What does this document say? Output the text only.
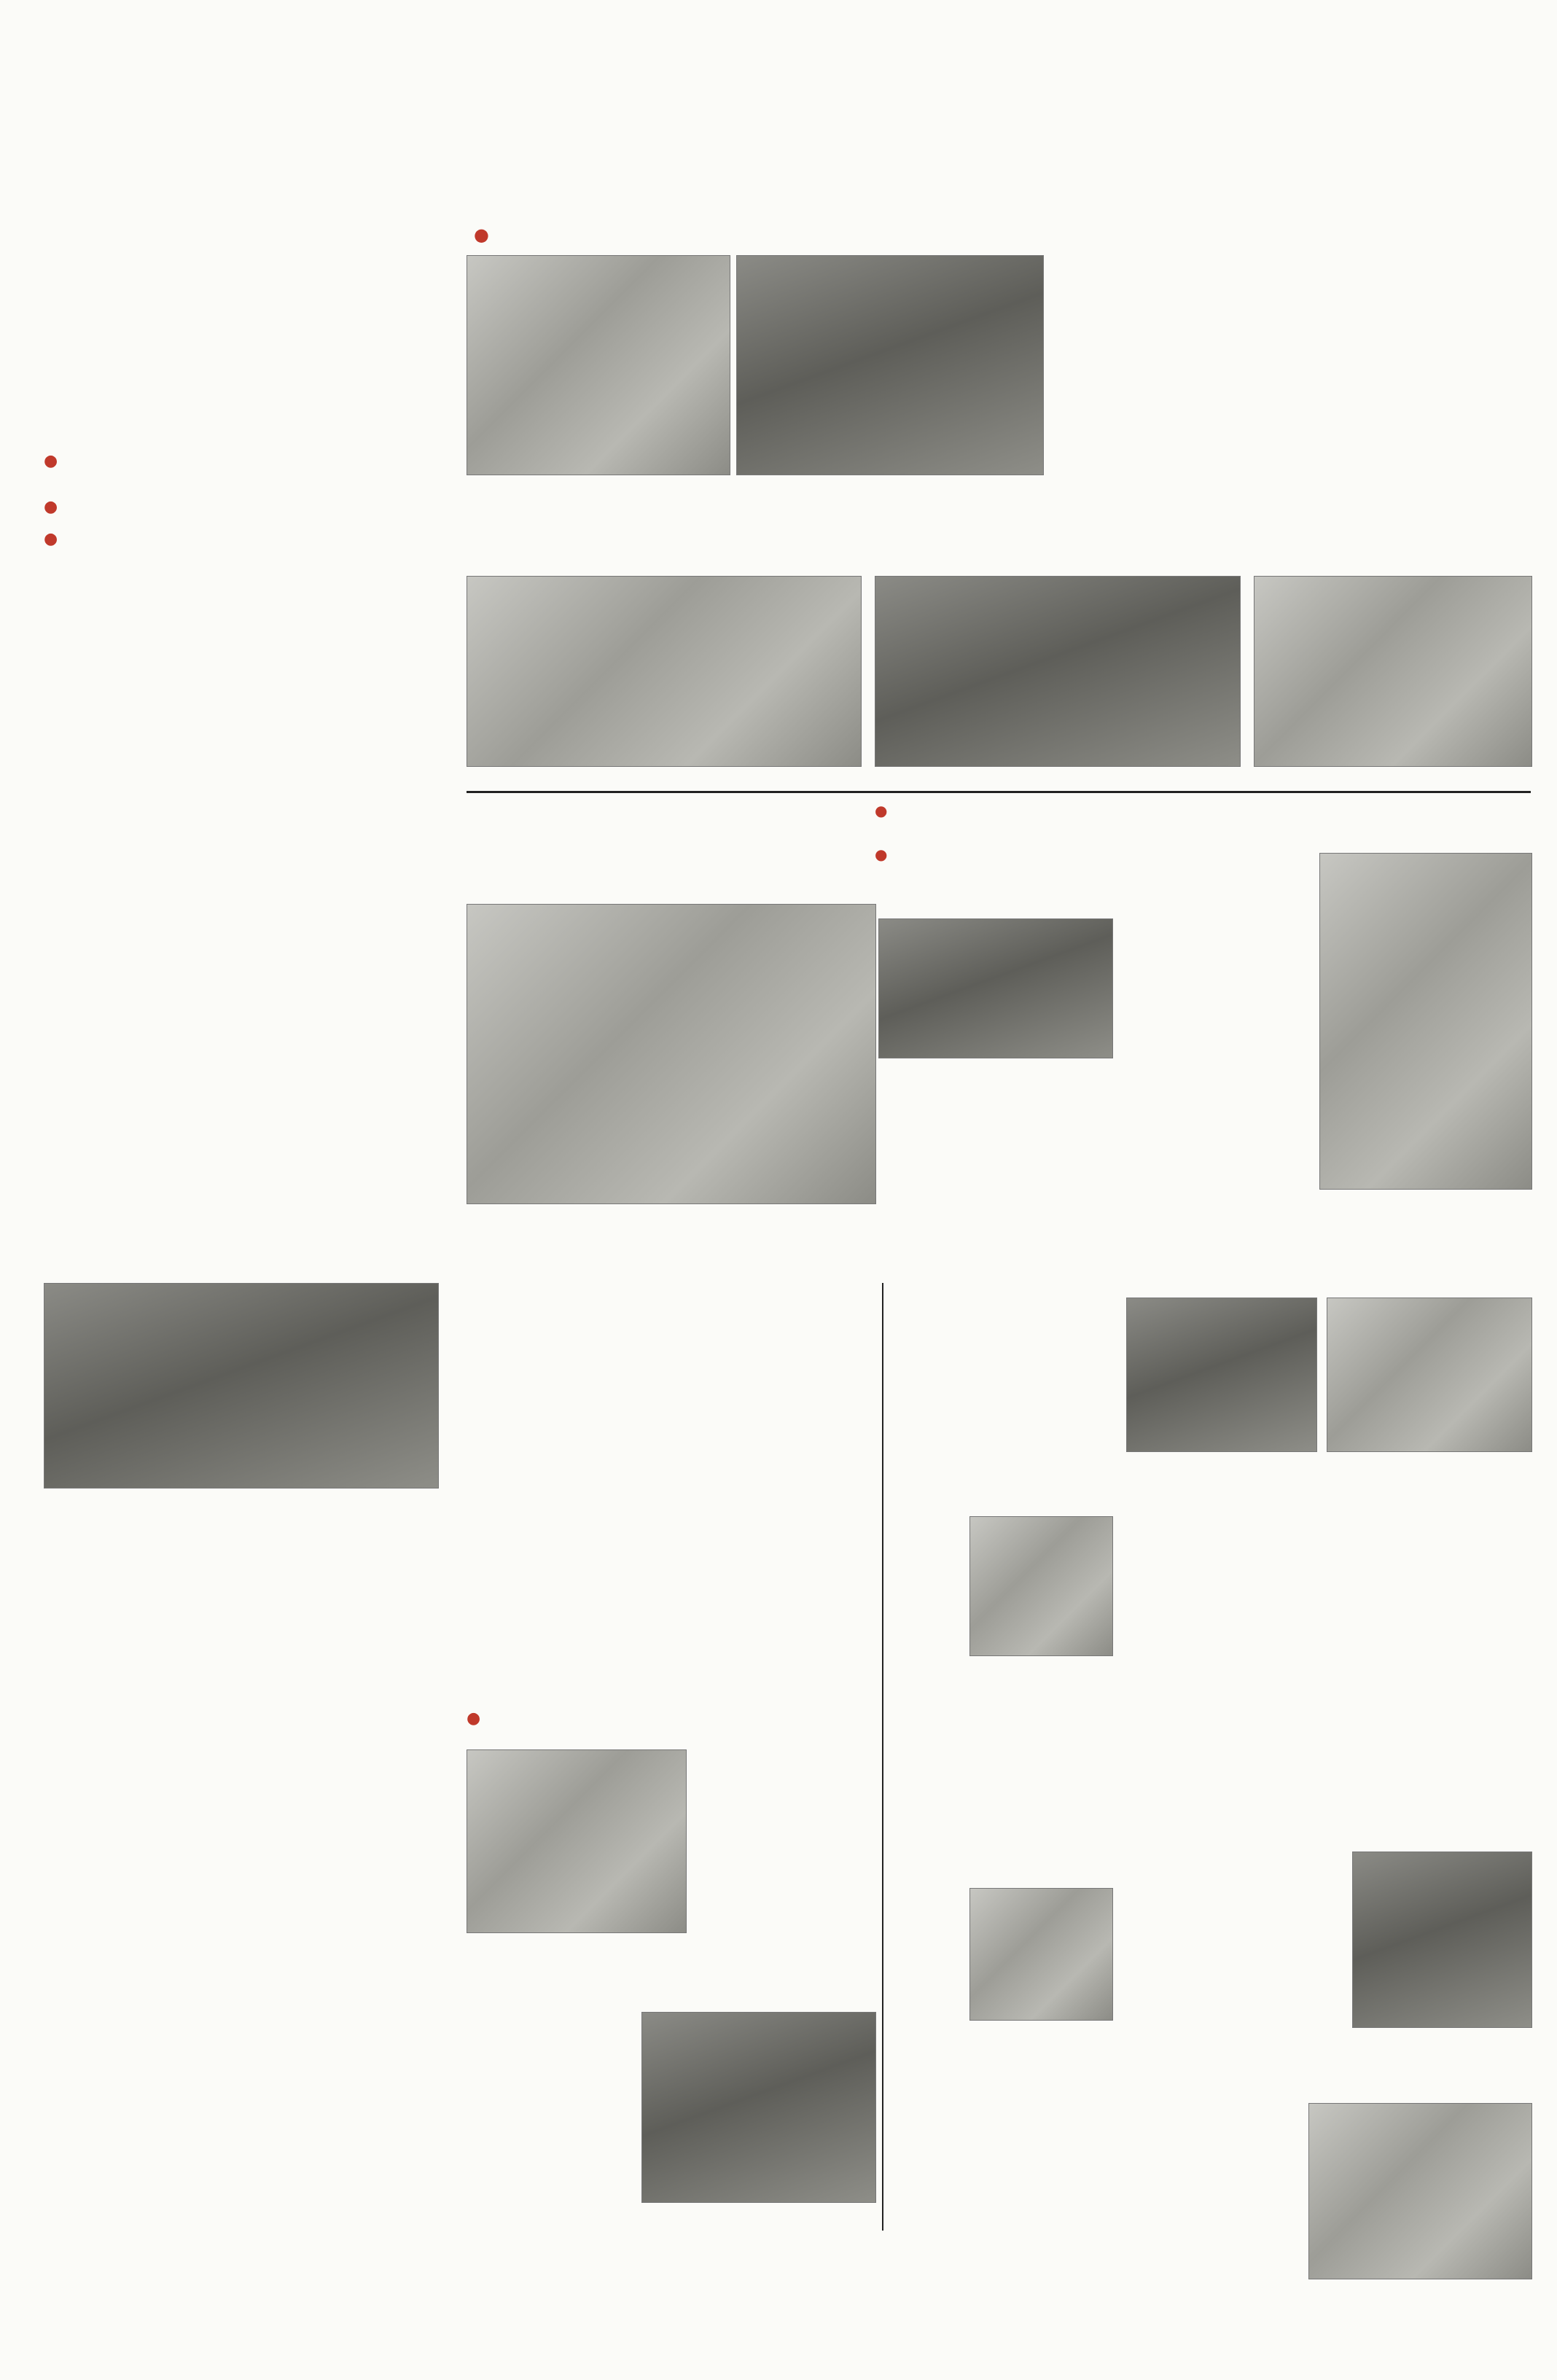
●
●
●
●
●
●
●
